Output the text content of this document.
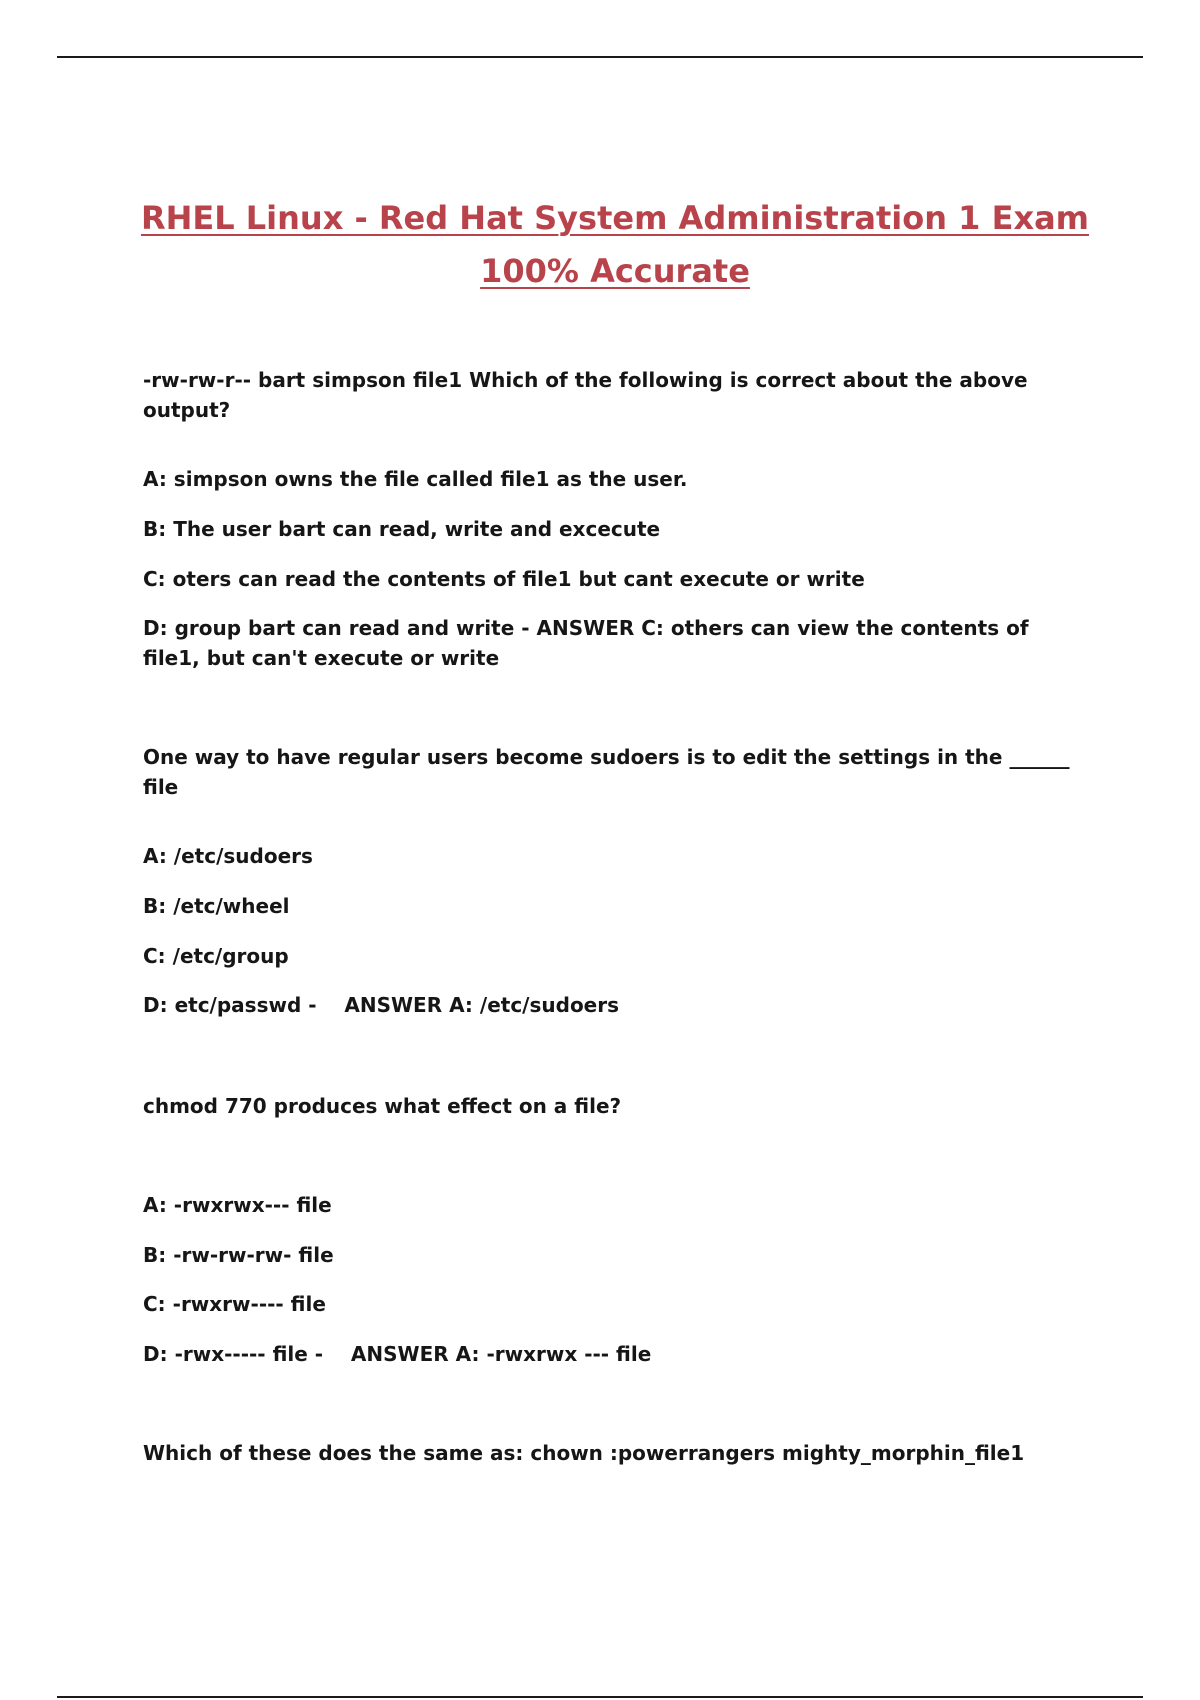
RHEL Linux - Red Hat System Administration 1 Exam
100% Accurate
-rw-rw-r-- bart simpson file1 Which of the following is correct about the above output?
A: simpson owns the file called file1 as the user.
B: The user bart can read, write and excecute
C: oters can read the contents of file1 but cant execute or write
D: group bart can read and write - ANSWER C: others can view the contents of file1, but can't execute or write
One way to have regular users become sudoers is to edit the settings in the ______ file
A: /etc/sudoers
B: /etc/wheel
C: /etc/group
D: etc/passwd -    ANSWER A: /etc/sudoers
chmod 770 produces what effect on a file?
A: -rwxrwx--- file
B: -rw-rw-rw- file
C: -rwxrw---- file
D: -rwx----- file -    ANSWER A: -rwxrwx --- file
Which of these does the same as: chown :powerrangers mighty_morphin_file1
